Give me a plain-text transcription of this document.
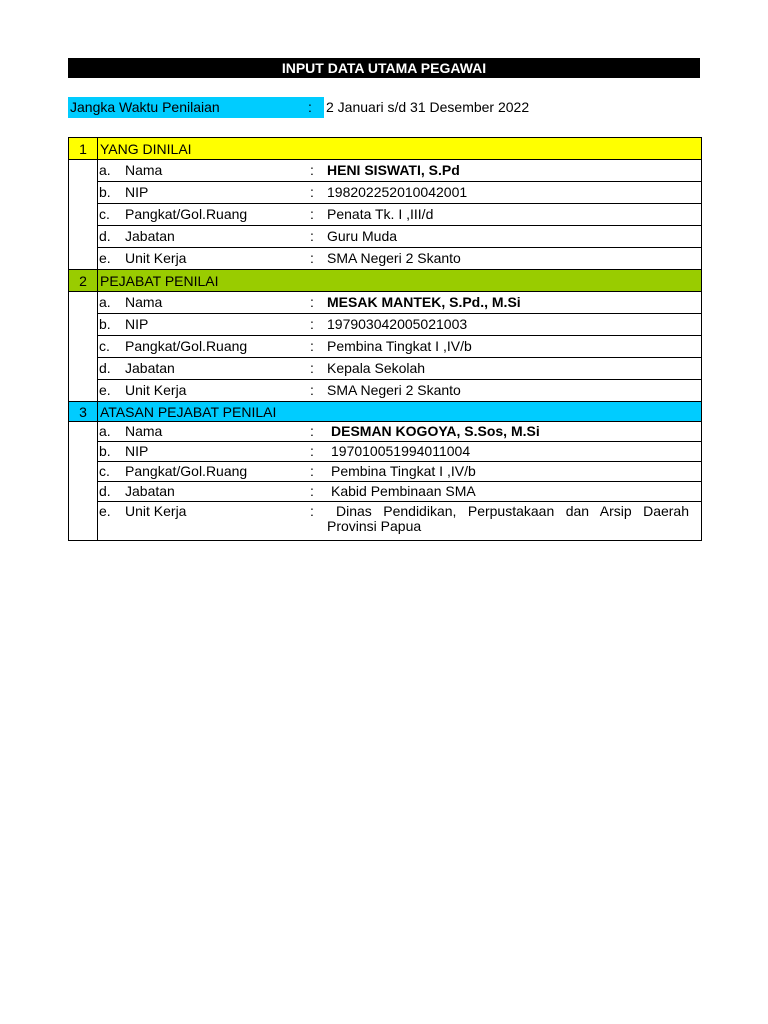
INPUT DATA UTAMA PEGAWAI
Jangka Waktu Penilaian	: 2 Januari s/d 31 Desember 2022
1	YANG DINILAI

	a. Nama : HENI SISWATI, S.Pd

	b. NIP : 198202252010042001

	c. Pangkat/Gol.Ruang : Penata Tk. I ,III/d

	d. Jabatan : Guru Muda

	e. Unit Kerja : SMA Negeri 2 Skanto

2	PEJABAT PENILAI

	a. Nama : MESAK MANTEK, S.Pd., M.Si

	b. NIP : 197903042005021003

	c. Pangkat/Gol.Ruang : Pembina Tingkat I ,IV/b

	d. Jabatan : Kepala Sekolah

	e. Unit Kerja : SMA Negeri 2 Skanto

3	ATASAN PEJABAT PENILAI

	a. Nama : DESMAN KOGOYA, S.Sos, M.Si

	b. NIP : 197010051994011004

	c. Pangkat/Gol.Ruang : Pembina Tingkat I ,IV/b

	d. Jabatan : Kabid Pembinaan SMA

	e. Unit Kerja : Dinas Pendidikan, Perpustakaan dan Arsip Daerah
Provinsi Papua
